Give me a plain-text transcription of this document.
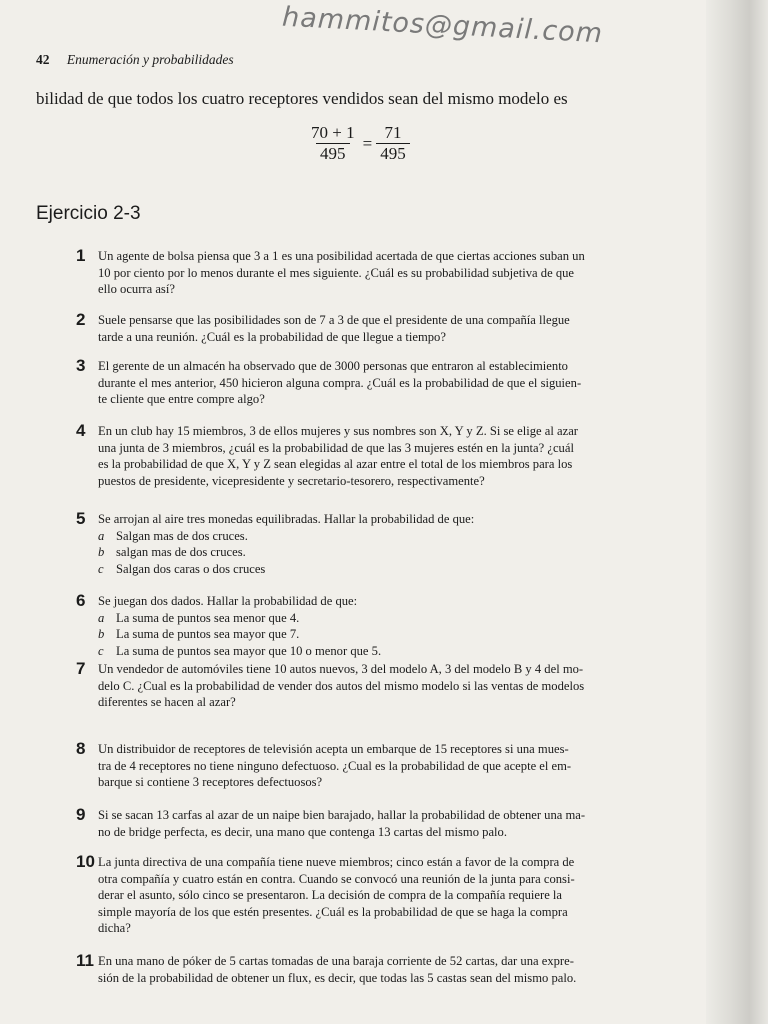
hammitos@gmail.com
42 Enumeración y probabilidades
bilidad de que todos los cuatro receptores vendidos sean del mismo modelo es
$\frac{70 + 1}{495} = \frac{71}{495}$
Ejercicio 2-3
1 Un agente de bolsa piensa que 3 a 1 es una posibilidad acertada de que ciertas acciones suban un
10 por ciento por lo menos durante el mes siguiente. ¿Cuál es su probabilidad subjetiva de que
ello ocurra así?
2 Suele pensarse que las posibilidades son de 7 a 3 de que el presidente de una compañía llegue
tarde a una reunión. ¿Cuál es la probabilidad de que llegue a tiempo?
3 El gerente de un almacén ha observado que de 3000 personas que entraron al establecimiento
durante el mes anterior, 450 hicieron alguna compra. ¿Cuál es la probabilidad de que el siguien-
te cliente que entre compre algo?
4 En un club hay 15 miembros, 3 de ellos mujeres y sus nombres son X, Y y Z. Si se elige al azar
una junta de 3 miembros, ¿cuál es la probabilidad de que las 3 mujeres estén en la junta? ¿cuál
es la probabilidad de que X, Y y Z sean elegidas al azar entre el total de los miembros para los
puestos de presidente, vicepresidente y secretario-tesorero, respectivamente?
5 Se arrojan al aire tres monedas equilibradas. Hallar la probabilidad de que:
a Salgan mas de dos cruces.
b salgan mas de dos cruces.
c Salgan dos caras o dos cruces
6 Se juegan dos dados. Hallar la probabilidad de que:
a La suma de puntos sea menor que 4.
b La suma de puntos sea mayor que 7.
c La suma de puntos sea mayor que 10 o menor que 5.
7 Un vendedor de automóviles tiene 10 autos nuevos, 3 del modelo A, 3 del modelo B y 4 del mo-
delo C. ¿Cual es la probabilidad de vender dos autos del mismo modelo si las ventas de modelos
diferentes se hacen al azar?
8 Un distribuidor de receptores de televisión acepta un embarque de 15 receptores si una mues-
tra de 4 receptores no tiene ninguno defectuoso. ¿Cual es la probabilidad de que acepte el em-
barque si contiene 3 receptores defectuosos?
9 Si se sacan 13 carfas al azar de un naipe bien barajado, hallar la probabilidad de obtener una ma-
no de bridge perfecta, es decir, una mano que contenga 13 cartas del mismo palo.
10 La junta directiva de una compañía tiene nueve miembros; cinco están a favor de la compra de
otra compañía y cuatro están en contra. Cuando se convocó una reunión de la junta para consi-
derar el asunto, sólo cinco se presentaron. La decisión de compra de la compañía requiere la
simple mayoría de los que estén presentes. ¿Cuál es la probabilidad de que se haga la compra
dicha?
11 En una mano de póker de 5 cartas tomadas de una baraja corriente de 52 cartas, dar una expre-
sión de la probabilidad de obtener un flux, es decir, que todas las 5 castas sean del mismo palo.
